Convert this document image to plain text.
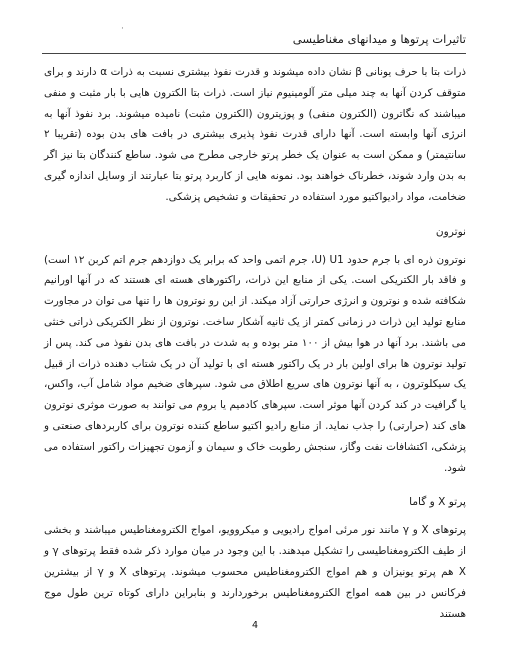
·
تاثیرات پرتوها و میدانهای مغناطیسی

ذرات بتا با حرف یونانی β نشان داده میشوند و قدرت نفوذ بیشتری نسبت به ذرات α دارند و برای متوقف کردن آنها به چند میلی متر آلومینیوم نیاز است. ذرات بتا الکترون هایی با بار مثبت و منفی میباشند که نگاترون (الکترون منفی) و پوزیترون (الکترون مثبت) نامیده میشوند. برد نفوذ آنها به انرژی آنها وابسته است. آنها دارای قدرت نفوذ پذیری بیشتری در بافت های بدن بوده (تقریبا ۲ سانتیمتر) و ممکن است به عنوان یک خطر پرتو خارجی مطرح می شود. ساطع کنندگان بتا نیز اگر به بدن وارد شوند، خطرناک خواهند بود. نمونه هایی از کاربرد پرتو بتا عبارتند از وسایل اندازه گیری ضخامت، مواد رادیواکتیو مورد استفاده در تحقیقات و تشخیص پزشکی.

نوترون

نوترون ذره ای با جرم حدود U1 (U، جرم اتمی واحد که برابر یک دوازدهم جرم اتم کربن ۱۲ است) و فاقد بار الکتریکی است. یکی از منابع این ذرات، راکتورهای هسته ای هستند که در آنها اورانیم شکافته شده و نوترون و انرژی حرارتی آزاد میکند. از این رو نوترون ها را تنها می توان در مجاورت منابع تولید این ذرات در زمانی کمتر از یک ثانیه آشکار ساخت. نوترون از نظر الکتریکی ذراتی خنثی می باشند. برد آنها در هوا بیش از ۱۰۰ متر بوده و به شدت در بافت های بدن نفوذ می کند. پس از تولید نوترون ها برای اولین بار در یک راکتور هسته ای با تولید آن در یک شتاب دهنده ذرات از قبیل یک سیکلوترون ، به آنها نوترون های سریع اطلاق می شود. سپرهای ضخیم مواد شامل آب، واکس، یا گرافیت در کند کردن آنها موثر است. سپرهای کادمیم یا بروم می توانند به صورت موثری نوترون های کند (حرارتی) را جذب نماید. از منابع رادیو اکتیو ساطع کننده نوترون برای کاربردهای صنعتی و پزشکی، اکتشافات نفت وگاز، سنجش رطوبت خاک و سیمان و آزمون تجهیزات راکتور استفاده می شود.

پرتو X و گاما

پرتوهای X و γ مانند نور مرئی امواج رادیویی و میکروویو، امواج الکترومغناطیس میباشند و بخشی از طیف الکترومغناطیسی را تشکیل میدهند. با این وجود در میان موارد ذکر شده فقط پرتوهای γ و X هم پرتو یونیزان و هم امواج الکترومغناطیس محسوب میشوند. پرتوهای X و γ از بیشترین فرکانس در بین همه امواج الکترومغناطیس برخوردارند و بنابراین دارای کوتاه ترین طول موج هستند

4
